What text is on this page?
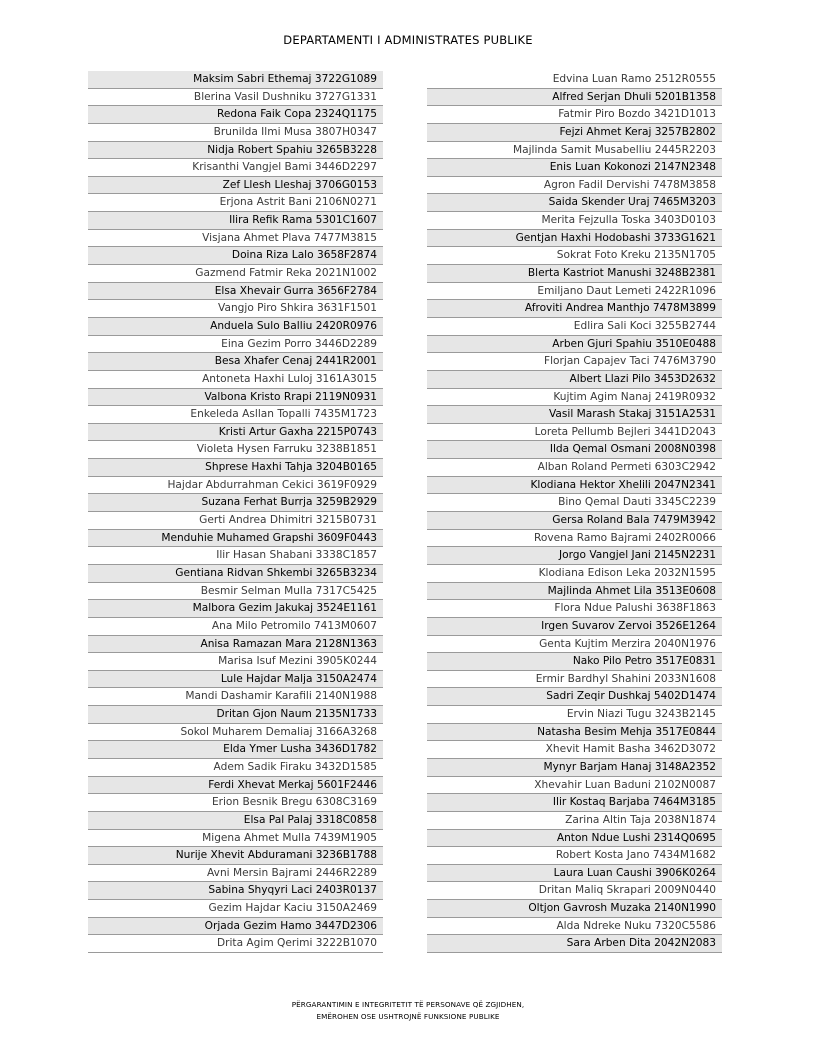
DEPARTAMENTI I ADMINISTRATES PUBLIKE
Maksim Sabri Ethemaj 3722G1089
Blerina Vasil Dushniku 3727G1331
Redona Faik Copa 2324Q1175
Brunilda Ilmi Musa 3807H0347
Nidja Robert Spahiu 3265B3228
Krisanthi Vangjel Bami 3446D2297
Zef Llesh Lleshaj 3706G0153
Erjona Astrit Bani 2106N0271
Ilira Refik Rama 5301C1607
Visjana Ahmet Plava 7477M3815
Doina Riza Lalo 3658F2874
Gazmend Fatmir Reka 2021N1002
Elsa Xhevair Gurra 3656F2784
Vangjo Piro Shkira 3631F1501
Anduela Sulo Balliu 2420R0976
Eina Gezim Porro 3446D2289
Besa Xhafer Cenaj 2441R2001
Antoneta Haxhi Luloj 3161A3015
Valbona Kristo Rrapi 2119N0931
Enkeleda Asllan Topalli 7435M1723
Kristi Artur Gaxha 2215P0743
Violeta Hysen Farruku 3238B1851
Shprese Haxhi Tahja 3204B0165
Hajdar Abdurrahman Cekici 3619F0929
Suzana Ferhat Burrja 3259B2929
Gerti Andrea Dhimitri 3215B0731
Menduhie Muhamed Grapshi 3609F0443
Ilir Hasan Shabani 3338C1857
Gentiana Ridvan Shkembi 3265B3234
Besmir Selman Mulla 7317C5425
Malbora Gezim Jakukaj 3524E1161
Ana Milo Petromilo 7413M0607
Anisa Ramazan Mara 2128N1363
Marisa Isuf Mezini 3905K0244
Lule Hajdar Malja 3150A2474
Mandi Dashamir Karafili 2140N1988
Dritan Gjon Naum 2135N1733
Sokol Muharem Demaliaj 3166A3268
Elda Ymer Lusha 3436D1782
Adem Sadik Firaku 3432D1585
Ferdi Xhevat Merkaj 5601F2446
Erion Besnik Bregu 6308C3169
Elsa Pal Palaj 3318C0858
Migena Ahmet Mulla 7439M1905
Nurije Xhevit Abduramani 3236B1788
Avni Mersin Bajrami 2446R2289
Sabina Shyqyri Laci 2403R0137
Gezim Hajdar Kaciu 3150A2469
Orjada Gezim Hamo 3447D2306
Drita Agim Qerimi 3222B1070
Edvina Luan Ramo 2512R0555
Alfred Serjan Dhuli 5201B1358
Fatmir Piro Bozdo 3421D1013
Fejzi Ahmet Keraj 3257B2802
Majlinda Samit Musabelliu 2445R2203
Enis Luan Kokonozi 2147N2348
Agron Fadil Dervishi 7478M3858
Saida Skender Uraj 7465M3203
Merita Fejzulla Toska 3403D0103
Gentjan Haxhi Hodobashi 3733G1621
Sokrat Foto Kreku 2135N1705
Blerta Kastriot Manushi 3248B2381
Emiljano Daut Lemeti 2422R1096
Afroviti Andrea Manthjo 7478M3899
Edlira Sali Koci 3255B2744
Arben Gjuri Spahiu 3510E0488
Florjan Capajev Taci 7476M3790
Albert Llazi Pilo 3453D2632
Kujtim Agim Nanaj 2419R0932
Vasil Marash Stakaj 3151A2531
Loreta Pellumb Bejleri 3441D2043
Ilda Qemal Osmani 2008N0398
Alban Roland Permeti 6303C2942
Klodiana Hektor Xhelili 2047N2341
Bino Qemal Dauti 3345C2239
Gersa Roland Bala 7479M3942
Rovena Ramo Bajrami 2402R0066
Jorgo Vangjel Jani 2145N2231
Klodiana Edison Leka 2032N1595
Majlinda Ahmet Lila 3513E0608
Flora Ndue Palushi 3638F1863
Irgen Suvarov Zervoi 3526E1264
Genta Kujtim Merzira 2040N1976
Nako Pilo Petro 3517E0831
Ermir Bardhyl Shahini 2033N1608
Sadri Zeqir Dushkaj 5402D1474
Ervin Niazi Tugu 3243B2145
Natasha Besim Mehja 3517E0844
Xhevit Hamit Basha 3462D3072
Mynyr Barjam Hanaj 3148A2352
Xhevahir Luan Baduni 2102N0087
Ilir Kostaq Barjaba 7464M3185
Zarina Altin Taja 2038N1874
Anton Ndue Lushi 2314Q0695
Robert Kosta Jano 7434M1682
Laura Luan Caushi 3906K0264
Dritan Maliq Skrapari 2009N0440
Oltjon Gavrosh Muzaka 2140N1990
Alda Ndreke Nuku 7320C5586
Sara Arben Dita 2042N2083
PËRGARANTIMIN E INTEGRITETIT TË PERSONAVE QË ZGJIDHEN,
EMËROHEN OSE USHTROJNË FUNKSIONE PUBLIKE
